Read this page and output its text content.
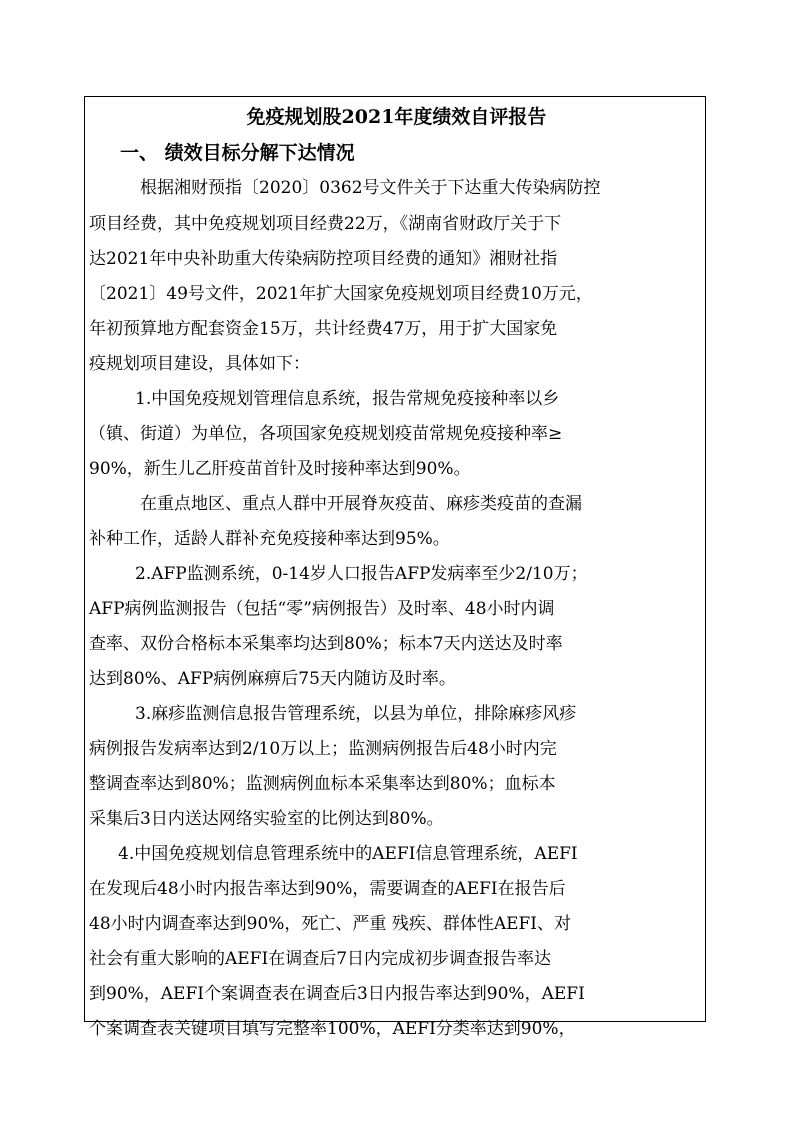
免疫规划股2021年度绩效自评报告
一、 绩效目标分解下达情况
根据湘财预指〔2020〕0362号文件关于下达重大传染病防控
项目经费，其中免疫规划项目经费22万，《湖南省财政厅关于下
达2021年中央补助重大传染病防控项目经费的通知》湘财社指
〔2021〕49号文件，2021年扩大国家免疫规划项目经费10万元，
年初预算地方配套资金15万，共计经费47万，用于扩大国家免
疫规划项目建设，具体如下：
1.中国免疫规划管理信息系统，报告常规免疫接种率以乡
（镇、街道）为单位，各项国家免疫规划疫苗常规免疫接种率≥
90%，新生儿乙肝疫苗首针及时接种率达到90%。
在重点地区、重点人群中开展脊灰疫苗、麻疹类疫苗的查漏
补种工作，适龄人群补充免疫接种率达到95%。
2.AFP监测系统，0-14岁人口报告AFP发病率至少2/10万；
AFP病例监测报告（包括“零”病例报告）及时率、48小时内调
查率、双份合格标本采集率均达到80%；标本7天内送达及时率
达到80%、AFP病例麻痹后75天内随访及时率。
3.麻疹监测信息报告管理系统，以县为单位，排除麻疹风疹
病例报告发病率达到2/10万以上；监测病例报告后48小时内完
整调查率达到80%；监测病例血标本采集率达到80%；血标本
采集后3日内送达网络实验室的比例达到80%。
4.中国免疫规划信息管理系统中的AEFI信息管理系统，AEFI
在发现后48小时内报告率达到90%，需要调查的AEFI在报告后
48小时内调查率达到90%，死亡、严重 残疾、群体性AEFI、对
社会有重大影响的AEFI在调查后7日内完成初步调查报告率达
到90%，AEFI个案调查表在调查后3日内报告率达到90%，AEFI
个案调查表关键项目填写完整率100%，AEFI分类率达到90%，
